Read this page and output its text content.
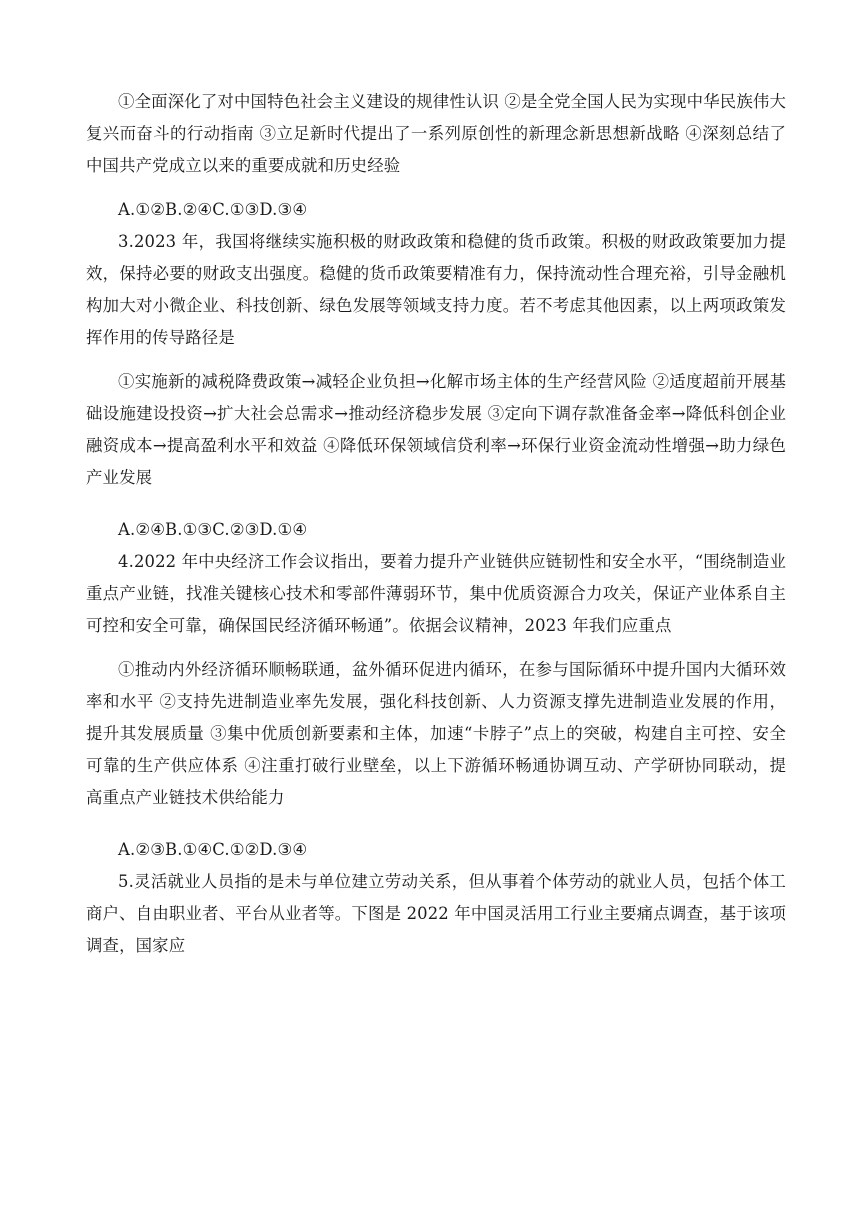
①全面深化了对中国特色社会主义建设的规律性认识 ②是全党全国人民为实现中华民族伟大复兴而奋斗的行动指南 ③立足新时代提出了一系列原创性的新理念新思想新战略 ④深刻总结了中国共产党成立以来的重要成就和历史经验

A.①②B.②④C.①③D.③④

3.2023 年，我国将继续实施积极的财政政策和稳健的货币政策。积极的财政政策要加力提效，保持必要的财政支出强度。稳健的货币政策要精准有力，保持流动性合理充裕，引导金融机构加大对小微企业、科技创新、绿色发展等领域支持力度。若不考虑其他因素，以上两项政策发挥作用的传导路径是

①实施新的减税降费政策→减轻企业负担→化解市场主体的生产经营风险 ②适度超前开展基础设施建设投资→扩大社会总需求→推动经济稳步发展 ③定向下调存款准备金率→降低科创企业融资成本→提高盈利水平和效益 ④降低环保领域信贷利率→环保行业资金流动性增强→助力绿色产业发展

A.②④B.①③C.②③D.①④

4.2022 年中央经济工作会议指出，要着力提升产业链供应链韧性和安全水平，“围绕制造业重点产业链，找准关键核心技术和零部件薄弱环节，集中优质资源合力攻关，保证产业体系自主可控和安全可靠，确保国民经济循环畅通”。依据会议精神，2023 年我们应重点

①推动内外经济循环顺畅联通，盆外循环促进内循环，在参与国际循环中提升国内大循环效率和水平 ②支持先进制造业率先发展，强化科技创新、人力资源支撑先进制造业发展的作用，提升其发展质量 ③集中优质创新要素和主体，加速“卡脖子”点上的突破，构建自主可控、安全可靠的生产供应体系 ④注重打破行业壁垒，以上下游循环畅通协调互动、产学研协同联动，提高重点产业链技术供给能力

A.②③B.①④C.①②D.③④

5.灵活就业人员指的是未与单位建立劳动关系，但从事着个体劳动的就业人员，包括个体工商户、自由职业者、平台从业者等。下图是 2022 年中国灵活用工行业主要痛点调查，基于该项调查，国家应
